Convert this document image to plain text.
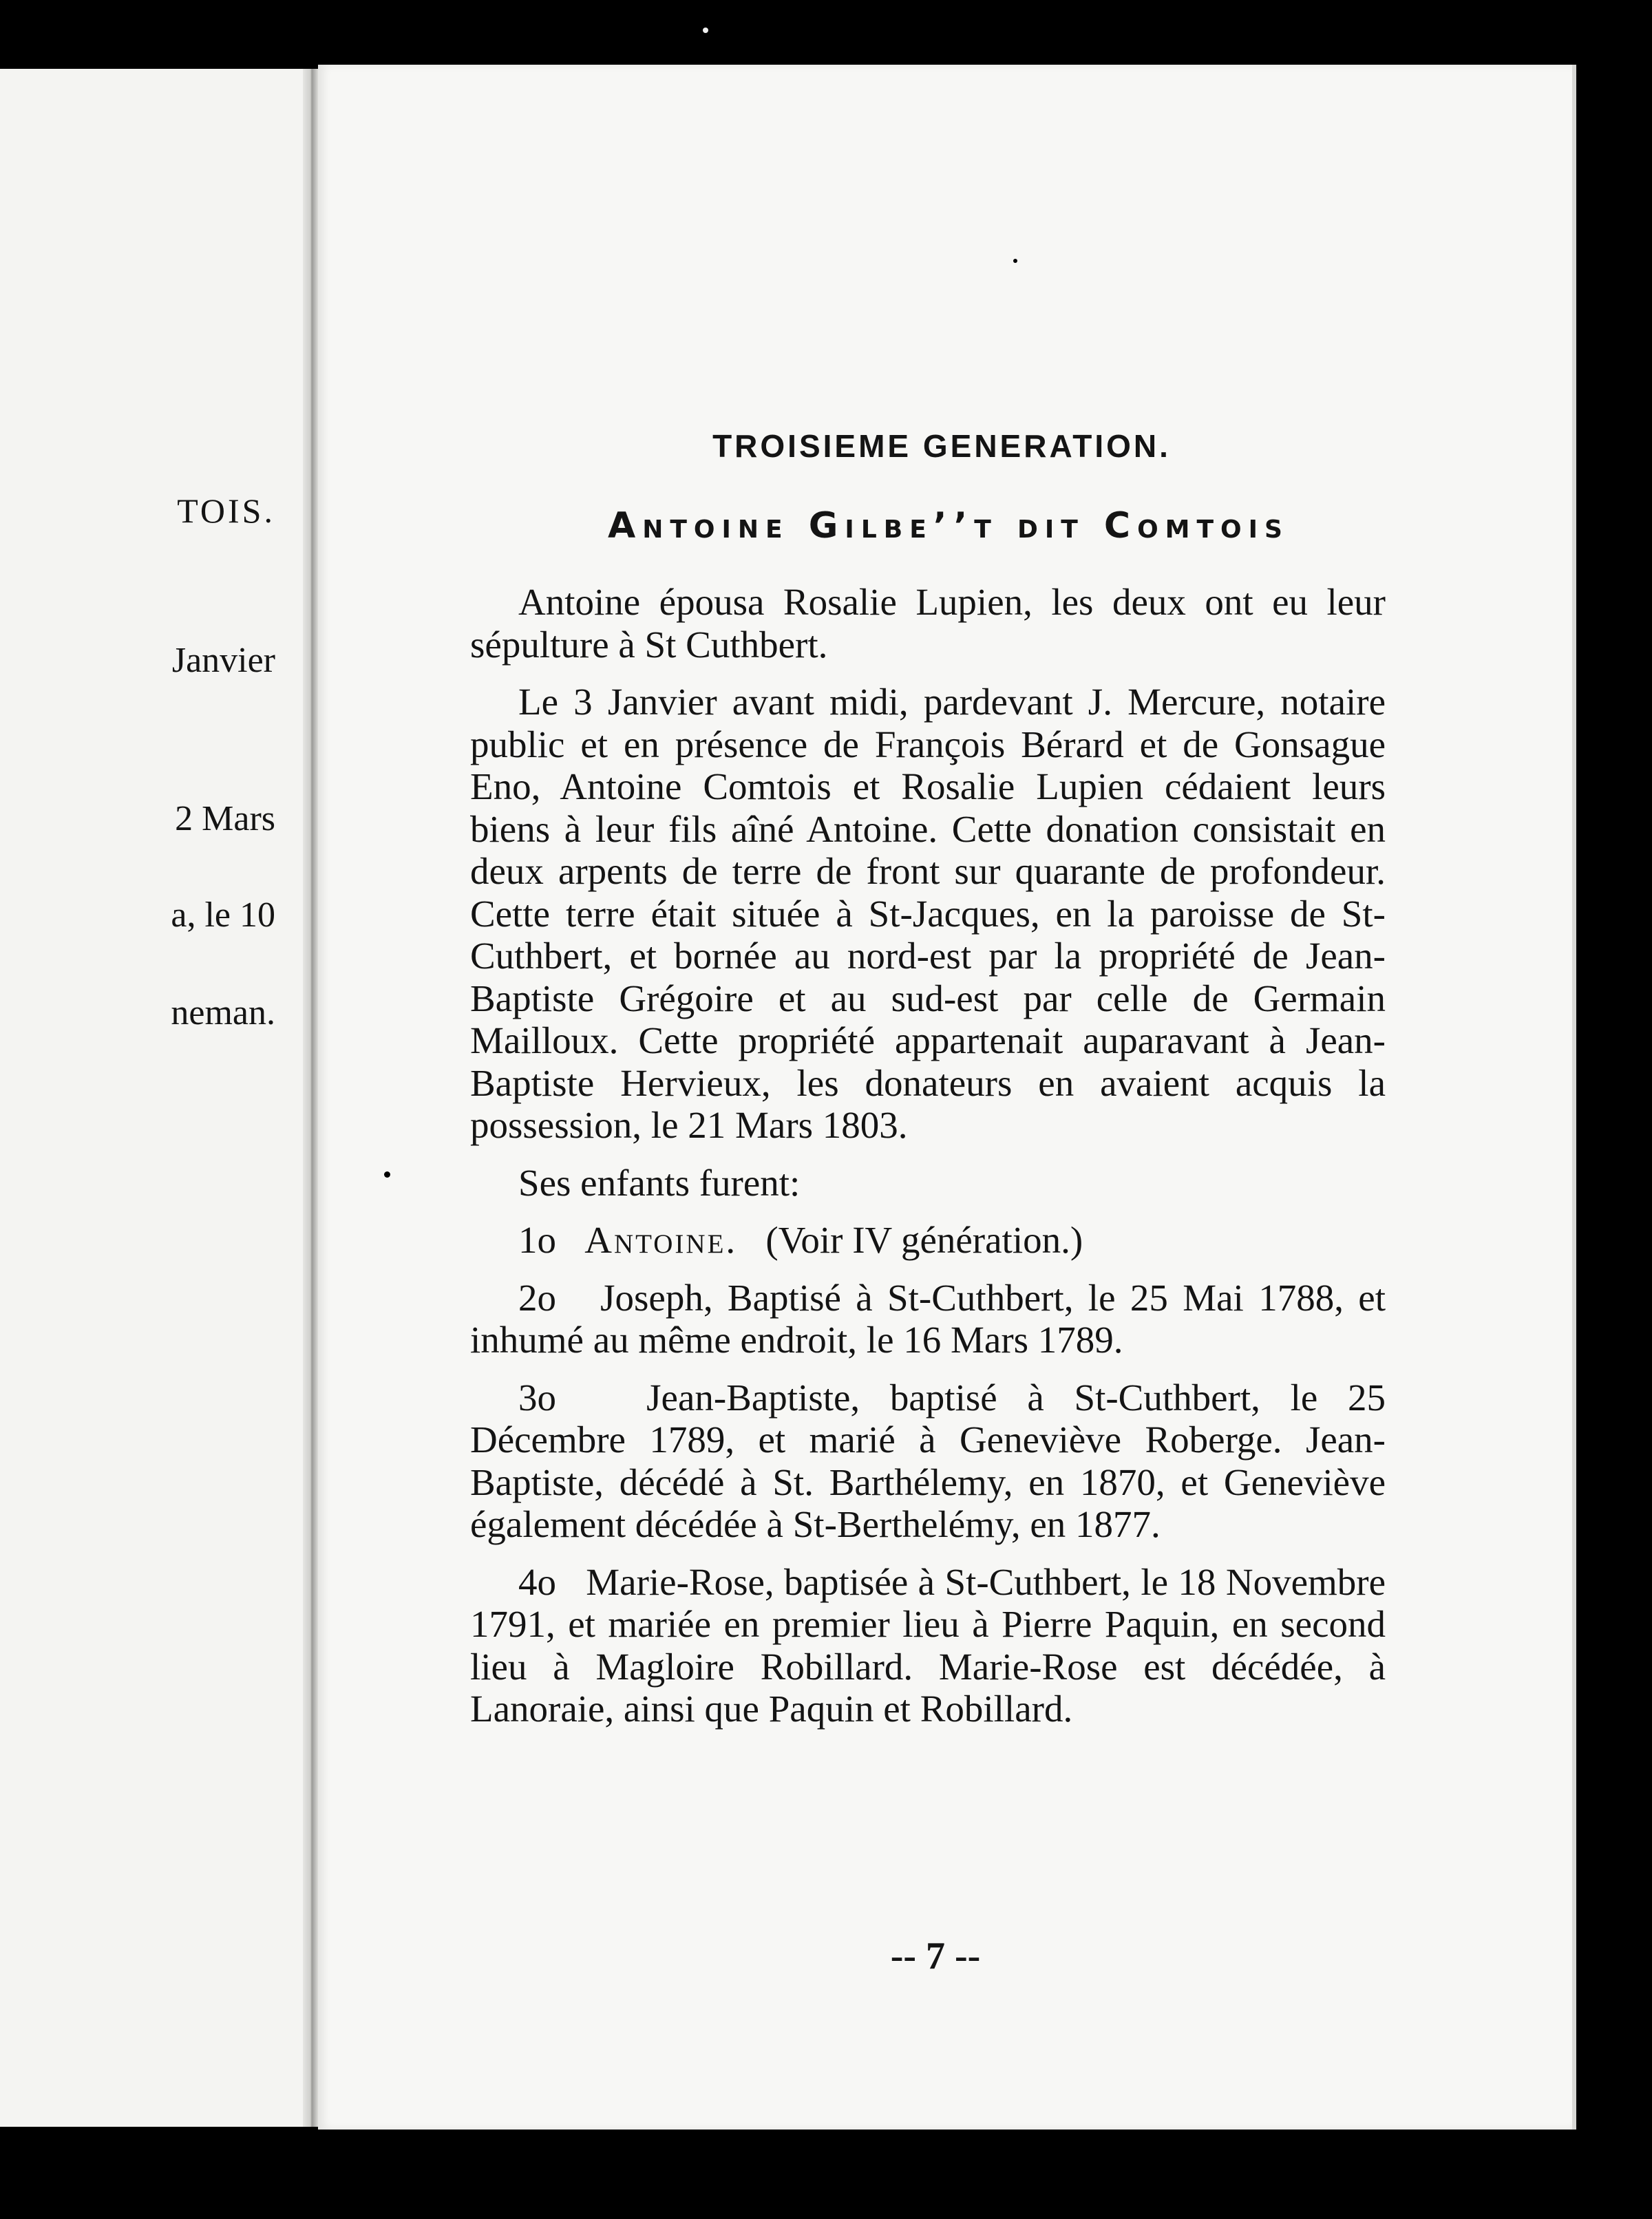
TOIS.
Janvier
2 Mars
a, le 10
neman.
TROISIEME GENERATION.
Antoine Gilbe’’t dit Comtois

Antoine épousa Rosalie Lupien, les deux ont eu leur sépulture à St Cuthbert.

Le 3 Janvier avant midi, pardevant J. Mercure, notaire public et en présence de François Bérard et de Gonsague Eno, Antoine Comtois et Rosalie Lupien cédaient leurs biens à leur fils aîné Antoine. Cette donation consistait en deux arpents de terre de front sur quarante de profondeur. Cette terre était située à St-Jacques, en la paroisse de St-Cuthbert, et bornée au nord-est par la propriété de Jean-Baptiste Grégoire et au sud-est par celle de Germain Mailloux. Cette propriété appartenait auparavant à Jean-Baptiste Hervieux, les donateurs en avaient acquis la possession, le 21 Mars 1803.

Ses enfants furent:

1o Antoine. (Voir IV génération.)

2o Joseph, Baptisé à St-Cuthbert, le 25 Mai 1788, et inhumé au même endroit, le 16 Mars 1789.

3o Jean-Baptiste, baptisé à St-Cuthbert, le 25 Décembre 1789, et marié à Geneviève Roberge. Jean-Baptiste, décédé à St. Barthélemy, en 1870, et Geneviève également décédée à St-Berthelémy, en 1877.

4o Marie-Rose, baptisée à St-Cuthbert, le 18 Novembre 1791, et mariée en premier lieu à Pierre Paquin, en second lieu à Magloire Robillard. Marie-Rose est décédée, à Lanoraie, ainsi que Paquin et Robillard.

-- 7 --
